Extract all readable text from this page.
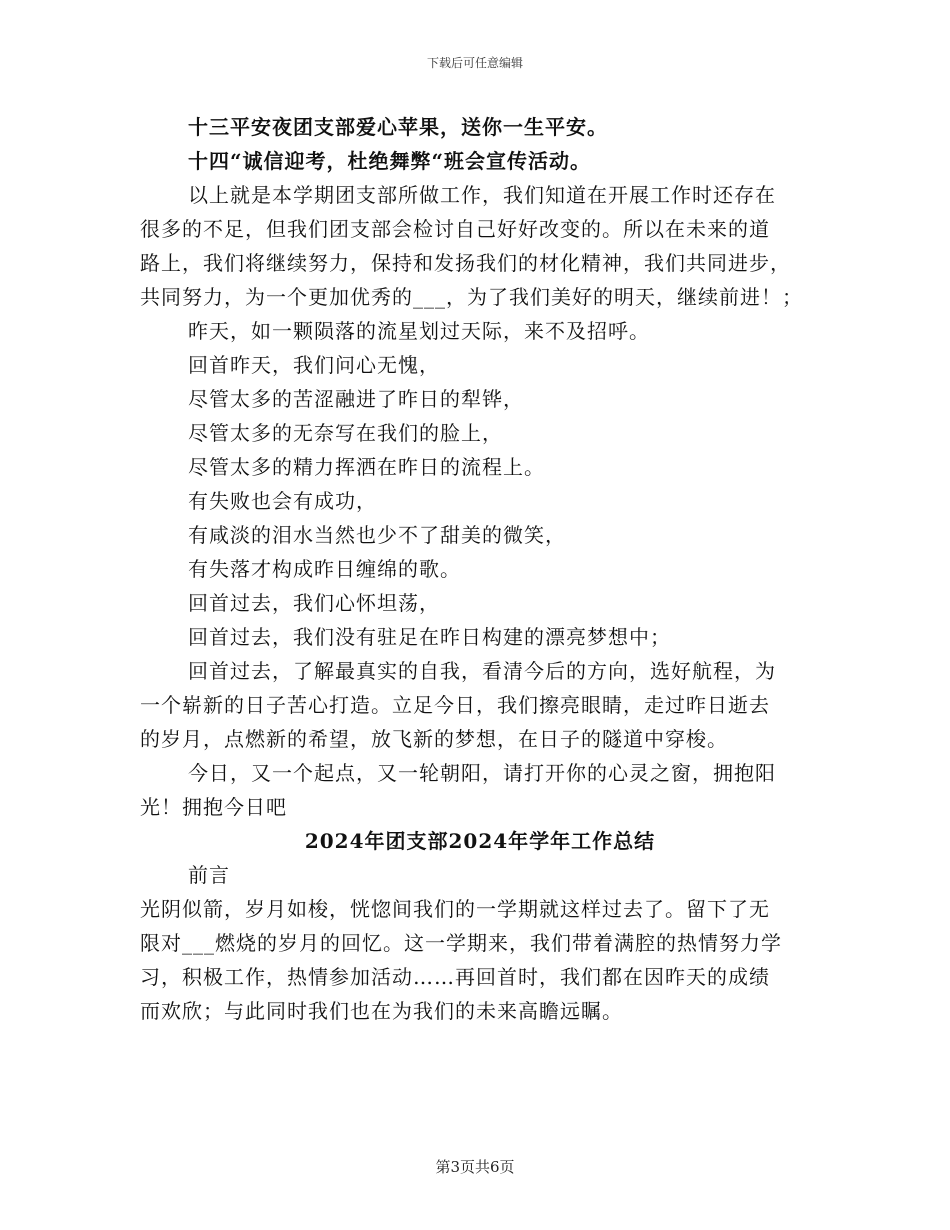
下载后可任意编辑
十三平安夜团支部爱心苹果，送你一生平安。
十四“诚信迎考，杜绝舞弊“班会宣传活动。
以上就是本学期团支部所做工作，我们知道在开展工作时还存在
很多的不足，但我们团支部会检讨自己好好改变的。所以在未来的道
路上，我们将继续努力，保持和发扬我们的材化精神，我们共同进步，
共同努力，为一个更加优秀的___，为了我们美好的明天，继续前进！；
昨天，如一颗陨落的流星划过天际，来不及招呼。
回首昨天，我们问心无愧，
尽管太多的苦涩融进了昨日的犁铧，
尽管太多的无奈写在我们的脸上，
尽管太多的精力挥洒在昨日的流程上。
有失败也会有成功，
有咸淡的泪水当然也少不了甜美的微笑，
有失落才构成昨日缠绵的歌。
回首过去，我们心怀坦荡，
回首过去，我们没有驻足在昨日构建的漂亮梦想中；
回首过去，了解最真实的自我，看清今后的方向，选好航程，为
一个崭新的日子苦心打造。立足今日，我们擦亮眼睛，走过昨日逝去
的岁月，点燃新的希望，放飞新的梦想，在日子的隧道中穿梭。
今日，又一个起点，又一轮朝阳，请打开你的心灵之窗，拥抱阳
光！拥抱今日吧
2024年团支部2024年学年工作总结
前言
光阴似箭，岁月如梭，恍惚间我们的一学期就这样过去了。留下了无
限对___燃烧的岁月的回忆。这一学期来，我们带着满腔的热情努力学
习，积极工作，热情参加活动……再回首时，我们都在因昨天的成绩
而欢欣；与此同时我们也在为我们的未来高瞻远瞩。
第3页共6页
